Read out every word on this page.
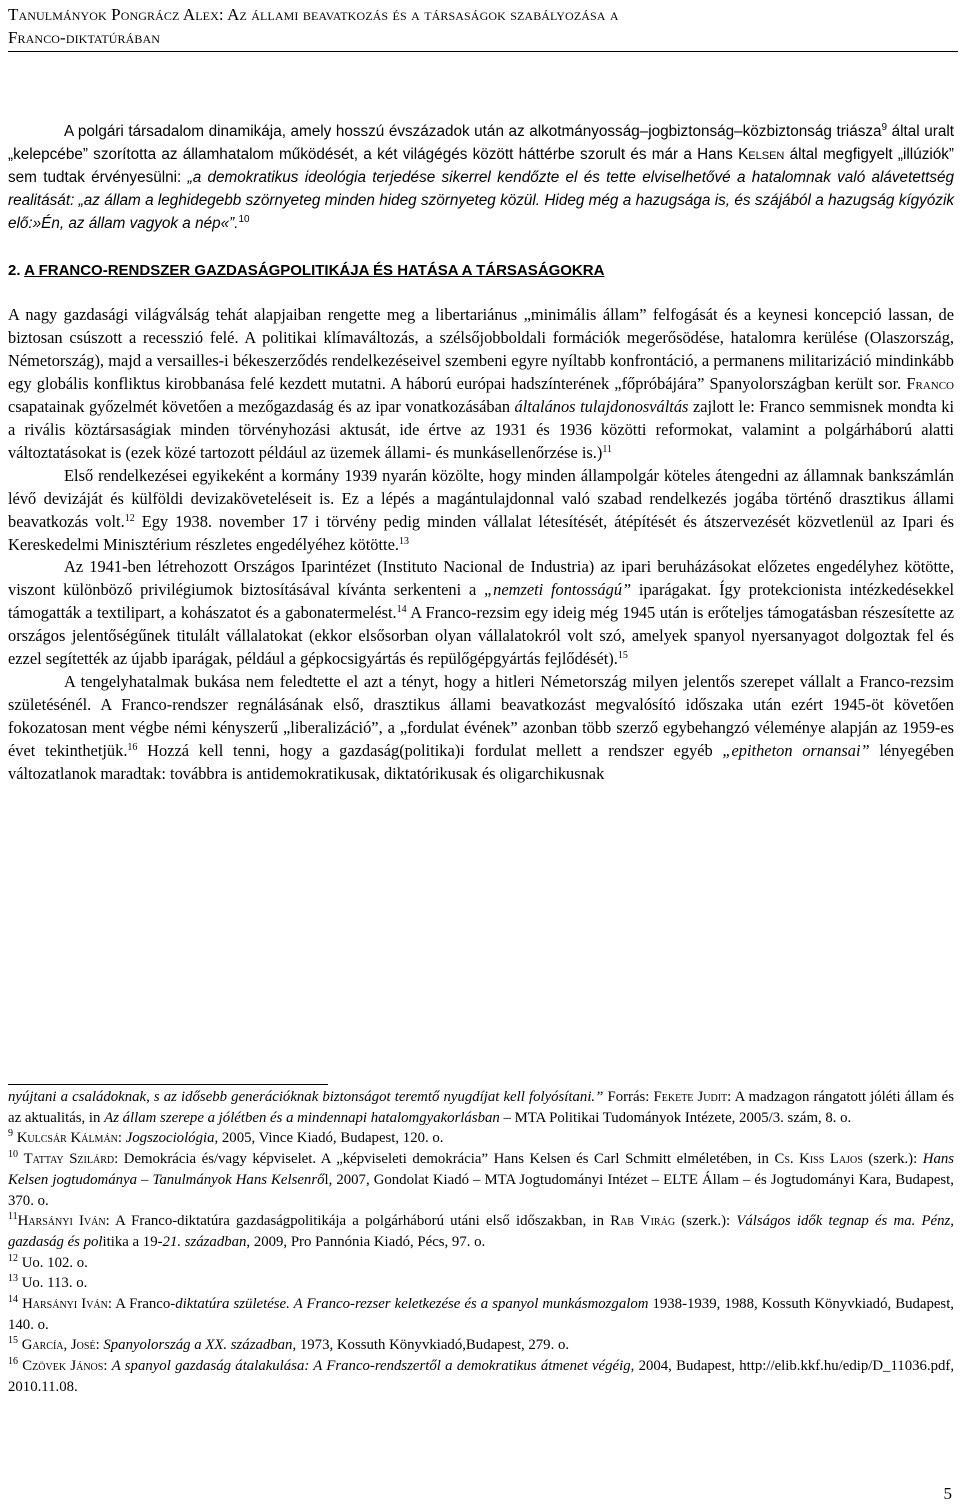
Tanulmányok Pongrácz Alex: Az állami beavatkozás és a társaságok szabályozása a
Franco-diktatúrában

A polgári társadalom dinamikája, amely hosszú évszázadok után az alkotmányosság–jogbiztonság–közbiztonság triásza$^9$ által uralt „kelepcébe” szorította az államhatalom működését, a két világégés között háttérbe szorult és már a Hans Kelsen által megfigyelt „illúziók” sem tudtak érvényesülni: „a demokratikus ideológia terjedése sikerrel kendőzte el és tette elviselhetővé a hatalomnak való alávetettség realitását: „az állam a leghidegebb szörnyeteg minden hideg szörnyeteg közül. Hideg még a hazugsága is, és szájából a hazugság kígyózik elő:»Én, az állam vagyok a nép«”.$^{10}$

2. A FRANCO-RENDSZER GAZDASÁGPOLITIKÁJA ÉS HATÁSA A TÁRSASÁGOKRA

A nagy gazdasági világválság tehát alapjaiban rengette meg a libertariánus „minimális állam” felfogását és a keynesi koncepció lassan, de biztosan csúszott a recesszió felé. A politikai klímaváltozás, a szélsőjobboldali formációk megerősödése, hatalomra kerülése (Olaszország, Németország), majd a versailles-i békeszerződés rendelkezéseivel szembeni egyre nyíltabb konfrontáció, a permanens militarizáció mindinkább egy globális konfliktus kirobbanása felé kezdett mutatni. A háború európai hadszínterének „főpróbájára” Spanyolországban került sor. Franco csapatainak győzelmét követően a mezőgazdaság és az ipar vonatkozásában általános tulajdonosváltás zajlott le: Franco semmisnek mondta ki a rivális köztársaságiak minden törvényhozási aktusát, ide értve az 1931 és 1936 közötti reformokat, valamint a polgárháború alatti változtatásokat is (ezek közé tartozott például az üzemek állami- és munkásellenőrzése is.)$^{11}$

Első rendelkezései egyikeként a kormány 1939 nyarán közölte, hogy minden állampolgár köteles átengedni az államnak bankszámlán lévő devizáját és külföldi devizaköveteléseit is. Ez a lépés a magántulajdonnal való szabad rendelkezés jogába történő drasztikus állami beavatkozás volt.$^{12}$ Egy 1938. november 17 i törvény pedig minden vállalat létesítését, átépítését és átszervezését közvetlenül az Ipari és Kereskedelmi Minisztérium részletes engedélyéhez kötötte.$^{13}$

Az 1941-ben létrehozott Országos Iparintézet (Instituto Nacional de Industria) az ipari beruházásokat előzetes engedélyhez kötötte, viszont különböző privilégiumok biztosításával kívánta serkenteni a „nemzeti fontosságú” iparágakat. Így protekcionista intézkedésekkel támogatták a textilipart, a kohászatot és a gabonatermelést.$^{14}$ A Franco-rezsim egy ideig még 1945 után is erőteljes támogatásban részesítette az országos jelentőségűnek titulált vállalatokat (ekkor elsősorban olyan vállalatokról volt szó, amelyek spanyol nyersanyagot dolgoztak fel és ezzel segítették az újabb iparágak, például a gépkocsigyártás és repülőgépgyártás fejlődését).$^{15}$

A tengelyhatalmak bukása nem feledtette el azt a tényt, hogy a hitleri Németország milyen jelentős szerepet vállalt a Franco-rezsim születésénél. A Franco-rendszer regnálásának első, drasztikus állami beavatkozást megvalósító időszaka után ezért 1945-öt követően fokozatosan ment végbe némi kényszerű „liberalizáció”, a „fordulat évének” azonban több szerző egybehangzó véleménye alapján az 1959-es évet tekinthetjük.$^{16}$ Hozzá kell tenni, hogy a gazdaság(politika)i fordulat mellett a rendszer egyéb „epitheton ornansai” lényegében változatlanok maradtak: továbbra is antidemokratikusak, diktatórikusak és oligarchikusnak

nyújtani a családoknak, s az idősebb generációknak biztonságot teremtő nyugdíjat kell folyósítani.” Forrás: Fekete Judit: A madzagon rángatott jóléti állam és az aktualitás, in Az állam szerepe a jólétben és a mindennapi hatalomgyakorlásban – MTA Politikai Tudományok Intézete, 2005/3. szám, 8. o.

$^9$ Kulcsár Kálmán: Jogszociológia, 2005, Vince Kiadó, Budapest, 120. o.

$^{10}$ Tattay Szilárd: Demokrácia és/vagy képviselet. A „képviseleti demokrácia” Hans Kelsen és Carl Schmitt elméletében, in Cs. Kiss Lajos (szerk.): Hans Kelsen jogtudománya – Tanulmányok Hans Kelsenről, 2007, Gondolat Kiadó – MTA Jogtudományi Intézet – ELTE Állam – és Jogtudományi Kara, Budapest, 370. o.

$^{11}$Harsányi Iván: A Franco-diktatúra gazdaságpolitikája a polgárháború utáni első időszakban, in Rab Virág (szerk.): Válságos idők tegnap és ma. Pénz, gazdaság és politika a 19-21. században, 2009, Pro Pannónia Kiadó, Pécs, 97. o.

$^{12}$ Uo. 102. o.

$^{13}$ Uo. 113. o.

$^{14}$ Harsányi Iván: A Franco-diktatúra születése. A Franco-rezser keletkezése és a spanyol munkásmozgalom 1938-1939, 1988, Kossuth Könyvkiadó, Budapest, 140. o.

$^{15}$ García, José: Spanyolország a XX. században, 1973, Kossuth Könyvkiadó,Budapest, 279. o.

$^{16}$ Czövek János: A spanyol gazdaság átalakulása: A Franco-rendszertől a demokratikus átmenet végéig, 2004, Budapest, http://elib.kkf.hu/edip/D_11036.pdf, 2010.11.08.

5
